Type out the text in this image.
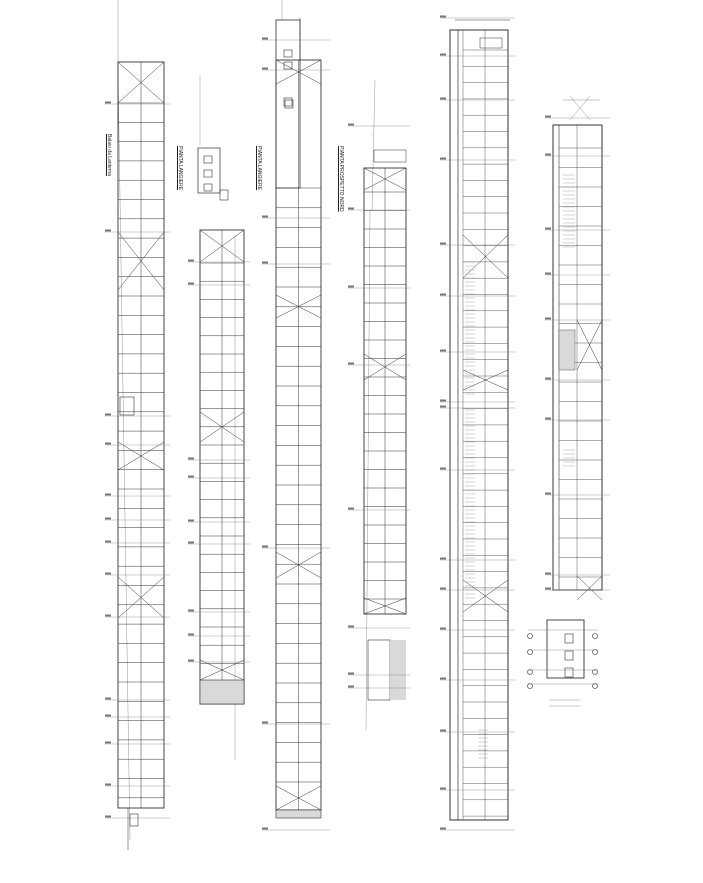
Balaio da Lanterna	PIANTA LANGIERE	PIANTA LANGIERE	PIANTA PROSPETTO NORD
